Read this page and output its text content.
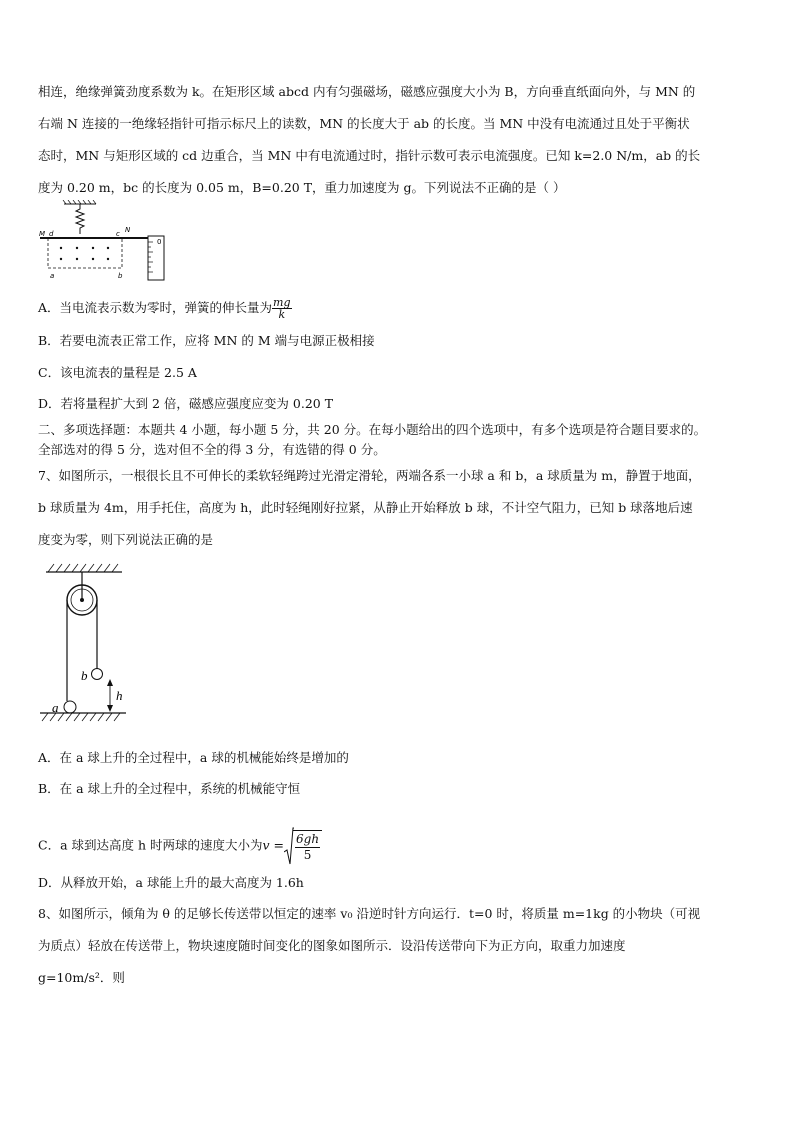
相连，绝缘弹簧劲度系数为 k。在矩形区域 abcd 内有匀强磁场，磁感应强度大小为 B，方向垂直纸面向外，与 MN 的
右端 N 连接的一绝缘轻指针可指示标尺上的读数，MN 的长度大于 ab 的长度。当 MN 中没有电流通过且处于平衡状
态时，MN 与矩形区域的 cd 边重合，当 MN 中有电流通过时，指针示数可表示电流强度。已知 k=2.0 N/m，ab 的长
度为 0.20 m，bc 的长度为 0.05 m，B=0.20 T，重力加速度为 g。下列说法不正确的是（ ）
M d	c N
a	b
0
A．当电流表示数为零时，弹簧的伸长量为 $\frac{mg}{k}$
B．若要电流表正常工作，应将 MN 的 M 端与电源正极相接
C．该电流表的量程是 2.5 A
D．若将量程扩大到 2 倍，磁感应强度应变为 0.20 T
二、多项选择题：本题共 4 小题，每小题 5 分，共 20 分。在每小题给出的四个选项中，有多个选项是符合题目要求的。
全部选对的得 5 分，选对但不全的得 3 分，有选错的得 0 分。
7、如图所示，一根很长且不可伸长的柔软轻绳跨过光滑定滑轮，两端各系一小球 a 和 b，a 球质量为 m，静置于地面，
b 球质量为 4m，用手托住，高度为 h，此时轻绳刚好拉紧，从静止开始释放 b 球，不计空气阻力，已知 b 球落地后速
度变为零，则下列说法正确的是
h
b
a
A．在 a 球上升的全过程中，a 球的机械能始终是增加的
B．在 a 球上升的全过程中，系统的机械能守恒
C．a 球到达高度 h 时两球的速度大小为$v = \frac{6gh}{5}$
D．从释放开始，a 球能上升的最大高度为 1.6h
8、如图所示，倾角为 θ 的足够长传送带以恒定的速率 v₀ 沿逆时针方向运行．t=0 时，将质量 m=1kg 的小物块（可视
为质点）轻放在传送带上，物块速度随时间变化的图象如图所示．设沿传送带向下为正方向，取重力加速度
g=10m/s²．则
